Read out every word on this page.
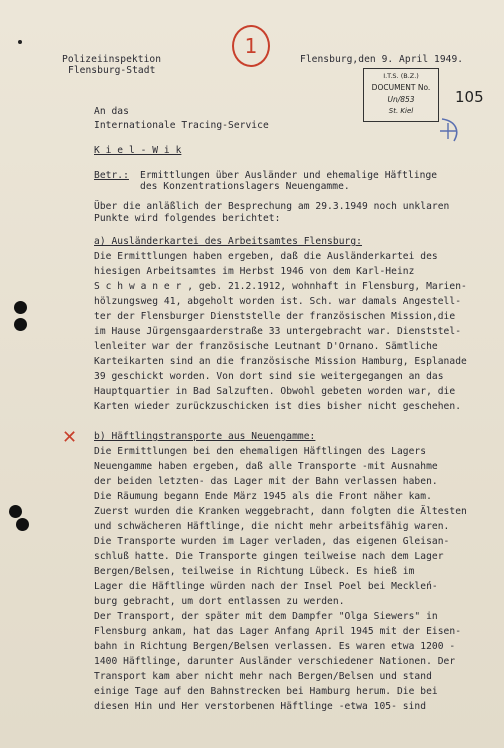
Polizeiinspektion
Flensburg-Stadt
Flensburg,den 9. April 1949.
1
I.T.S. (B.Z.)
DOCUMENT No.
Un/853
St. Kiel
105
An das
Internationale Tracing-Service
K i e l - W i k
Betr.: Ermittlungen über Ausländer und ehemalige Häftlinge
des Konzentrationslagers Neuengamme.
Über die anläßlich der Besprechung am 29.3.1949 noch unklaren
Punkte wird folgendes berichtet:
a) Ausländerkartei des Arbeitsamtes Flensburg:
Die Ermittlungen haben ergeben, daß die Ausländerkartei des
hiesigen Arbeitsamtes im Herbst 1946 von dem Karl-Heinz
S c h w a n e r , geb. 21.2.1912, wohnhaft in Flensburg, Marien-
hölzungsweg 41, abgeholt worden ist. Sch. war damals Angestell-
ter der Flensburger Dienststelle der französischen Mission,die
im Hause Jürgensgaarderstraße 33 untergebracht war. Dienststel-
lenleiter war der französische Leutnant D'Ornano. Sämtliche
Karteikarten sind an die französische Mission Hamburg, Esplanade
39 geschickt worden. Von dort sind sie weitergegangen an das
Hauptquartier in Bad Salzuften. Obwohl gebeten worden war, die
Karten wieder zurückzuschicken ist dies bisher nicht geschehen.
✕ b) Häftlingstransporte aus Neuengamme:
Die Ermittlungen bei den ehemaligen Häftlingen des Lagers
Neuengamme haben ergeben, daß alle Transporte -mit Ausnahme
der beiden letzten- das Lager mit der Bahn verlassen haben.
Die Räumung begann Ende März 1945 als die Front näher kam.
Zuerst wurden die Kranken weggebracht, dann folgten die Ältesten
und schwächeren Häftlinge, die nicht mehr arbeitsfähig waren.
Die Transporte wurden im Lager verladen, das eigenen Gleisan-
schluß hatte. Die Transporte gingen teilweise nach dem Lager
Bergen/Belsen, teilweise in Richtung Lübeck. Es hieß im
Lager die Häftlinge würden nach der Insel Poel bei Meckleń-
burg gebracht, um dort entlassen zu werden.
Der Transport, der später mit dem Dampfer "Olga Siewers" in
Flensburg ankam, hat das Lager Anfang April 1945 mit der Eisen-
bahn in Richtung Bergen/Belsen verlassen. Es waren etwa 1200 -
1400 Häftlinge, darunter Ausländer verschiedener Nationen. Der
Transport kam aber nicht mehr nach Bergen/Belsen und stand
einige Tage auf den Bahnstrecken bei Hamburg herum. Die bei
diesen Hin und Her verstorbenen Häftlinge -etwa 105- sind
